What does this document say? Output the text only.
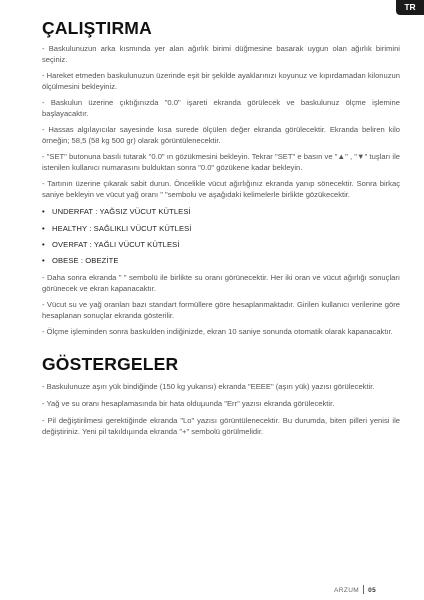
TR
ÇALIŞTIRMA

- Baskulunuzun arka kısmında yer alan ağırlık birimi düğmesine basarak uygun olan ağırlık birimini seçiniz.

- Hareket etmeden baskulunuzun üzerinde eşit bir şekilde ayaklarınızı koyunuz ve kıpırdamadan kilonuzun ölçülmesini bekleyiniz.

- Baskulun üzerine çıktığınızda "0.0" işareti ekranda görülecek ve baskulunuz ölçme işlemine başlayacaktır.

- Hassas algılayıcılar sayesinde kısa surede ölçülen değer ekranda görülecektir. Ekranda beliren kilo örneğin; 58,5 (58 kg 500 gr) olarak görüntülenecektir.

- "SET" butonuna basılı tutarak "0.0" ın gözükmesini bekleyin. Tekrar "SET" e basın ve "▲" , "▼" tuşları ile istenilen kullanıcı numarasını bulduktan sonra "0.0" gözükene kadar bekleyin.

- Tartının üzerine çıkarak sabit durun. Öncelikle vücut ağırlığınız ekranda yanıp sönecektir. Sonra birkaç saniye bekleyin ve vücut yağ oranı " "sembolu ve aşağıdaki kelimelerle birlikte gözükecektir.

• UNDERFAT : YAĞSIZ VÜCUT KÜTLESİ
• HEALTHY : SAĞLIKLI VÜCUT KÜTLESİ
• OVERFAT : YAĞLI VÜCUT KÜTLESİ
• OBESE : OBEZİTE

- Daha sonra ekranda " " sembolü ile birlikte su oranı görünecektir. Her iki oran ve vücut ağırlığı sonuçları görünecek ve ekran kapanacaktır.

- Vücut su ve yağ oranları bazı standart formüllere göre hesaplanmaktadır. Girilen kullanıcı verilerine göre hesaplanan sonuçlar ekranda gösterilir.

- Ölçme işleminden sonra baskulden indiğinizde, ekran 10 saniye sonunda otomatik olarak kapanacaktır.

GÖSTERGELER

- Baskulunuze aşırı yük bindiğinde (150 kg yukarısı) ekranda "EEEE" (aşırı yük) yazısı görülecektir.

- Yağ ve su oranı hesaplamasında bir hata olduµunda "Err" yazısı ekranda görülecektir.

- Pil değiştirilmesi gerektiğinde ekranda "Lo" yazısı görüntülenecektir. Bu durumda, biten pilleri yenisi ile değiştiriniz. Yeni pil takıldıµında ekranda "+" sembolü görülmelidir.

ARZUM 05
